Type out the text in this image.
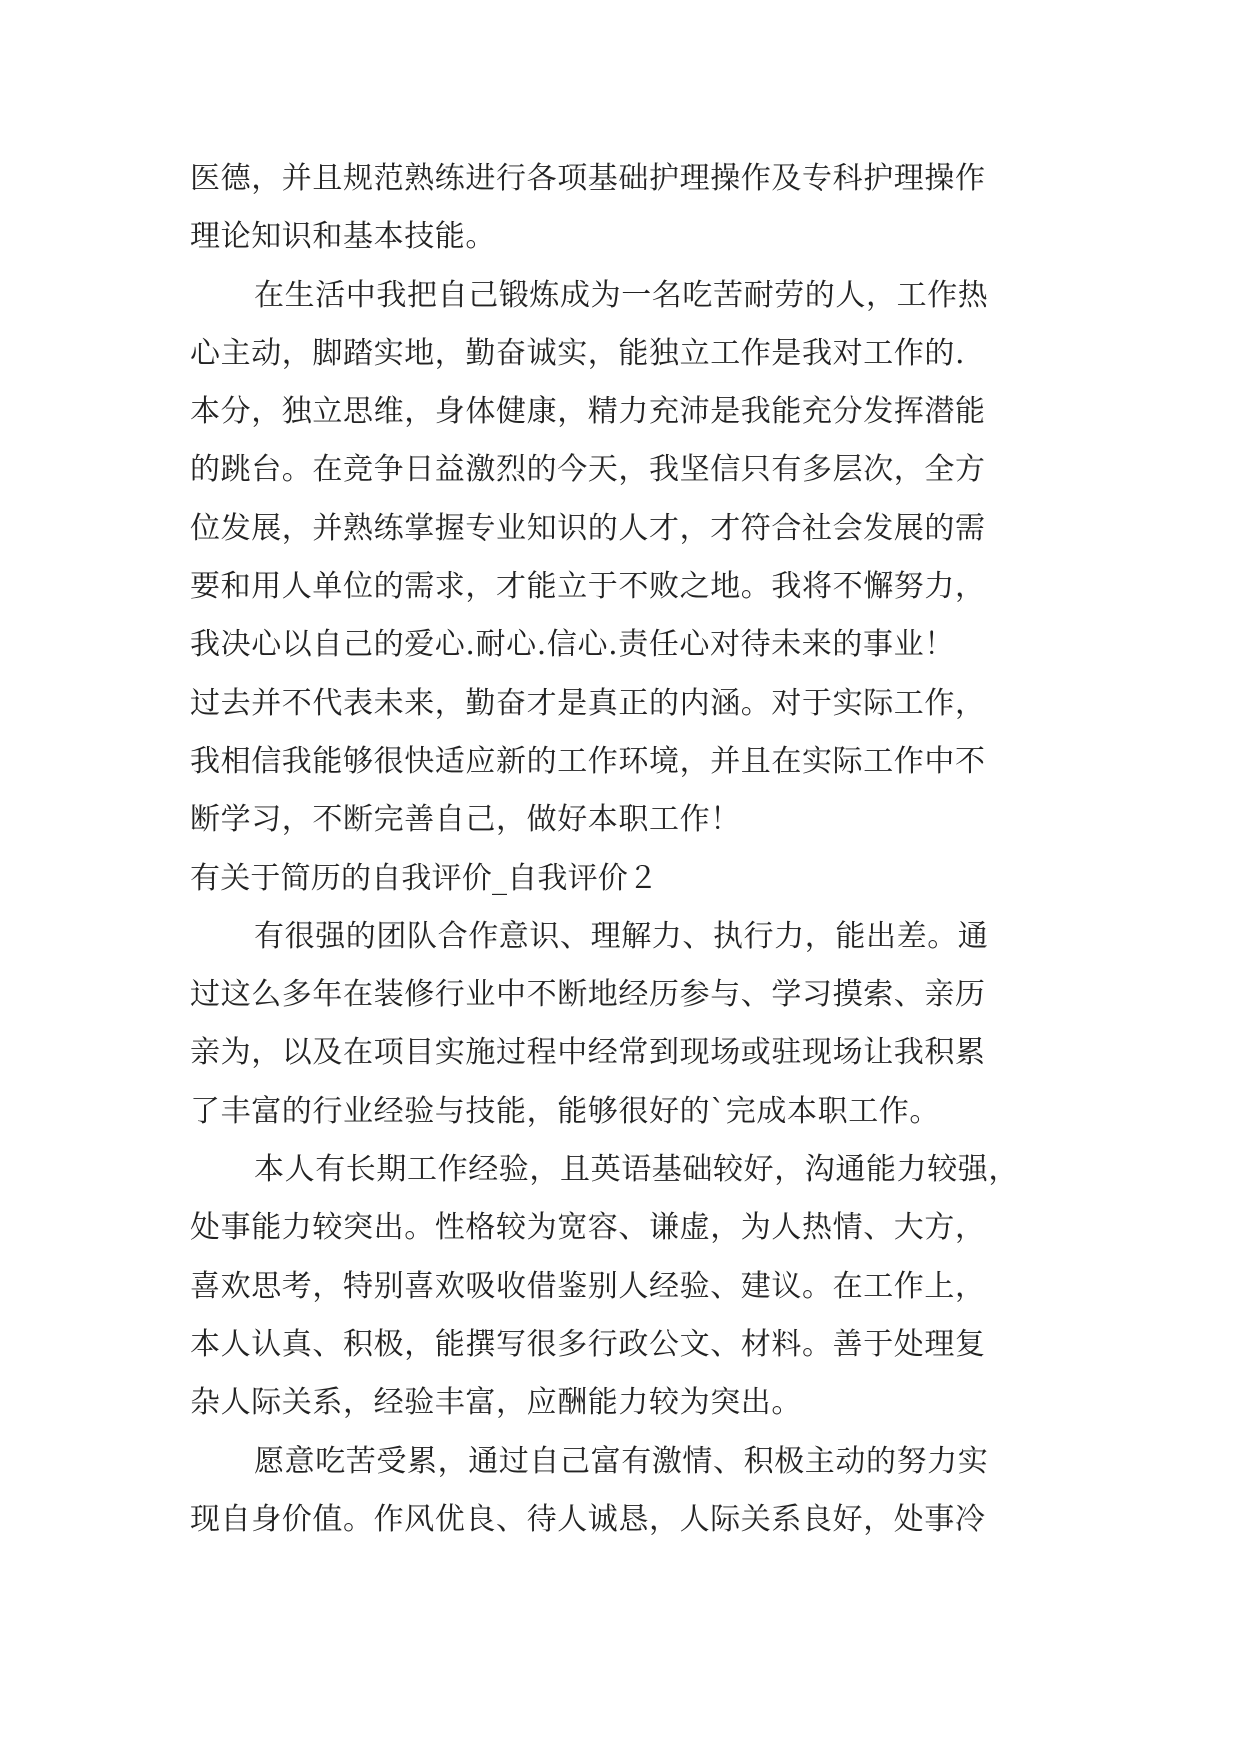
医德，并且规范熟练进行各项基础护理操作及专科护理操作
理论知识和基本技能。
在生活中我把自己锻炼成为一名吃苦耐劳的人，工作热
心主动，脚踏实地，勤奋诚实，能独立工作是我对工作的.
本分，独立思维，身体健康，精力充沛是我能充分发挥潜能
的跳台。在竞争日益激烈的今天，我坚信只有多层次，全方
位发展，并熟练掌握专业知识的人才，才符合社会发展的需
要和用人单位的需求，才能立于不败之地。我将不懈努力，
我决心以自己的爱心.耐心.信心.责任心对待未来的事业！
过去并不代表未来，勤奋才是真正的内涵。对于实际工作，
我相信我能够很快适应新的工作环境，并且在实际工作中不
断学习，不断完善自己，做好本职工作！
有关于简历的自我评价_自我评价２
有很强的团队合作意识、理解力、执行力，能出差。通
过这么多年在装修行业中不断地经历参与、学习摸索、亲历
亲为，以及在项目实施过程中经常到现场或驻现场让我积累
了丰富的行业经验与技能，能够很好的`完成本职工作。
本人有长期工作经验，且英语基础较好，沟通能力较强，
处事能力较突出。性格较为宽容、谦虚，为人热情、大方，
喜欢思考，特别喜欢吸收借鉴别人经验、建议。在工作上，
本人认真、积极，能撰写很多行政公文、材料。善于处理复
杂人际关系，经验丰富，应酬能力较为突出。
愿意吃苦受累，通过自己富有激情、积极主动的努力实
现自身价值。作风优良、待人诚恳，人际关系良好，处事冷
